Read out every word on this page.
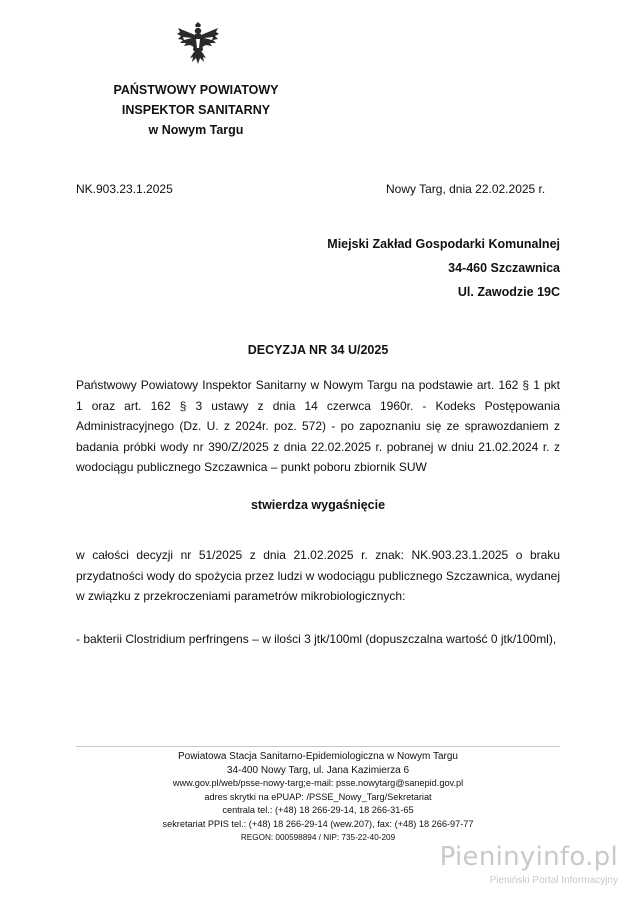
PAŃSTWOWY POWIATOWY
INSPEKTOR SANITARNY
w Nowym Targu
NK.903.23.1.2025	Nowy Targ, dnia 22.02.2025 r.
Miejski Zakład Gospodarki Komunalnej
34-460 Szczawnica
Ul. Zawodzie 19C
DECYZJA NR 34 U/2025
Państwowy Powiatowy Inspektor Sanitarny w Nowym Targu na podstawie art. 162 § 1 pkt 1 oraz art. 162 § 3 ustawy z dnia 14 czerwca 1960r. - Kodeks Postępowania Administracyjnego (Dz. U. z 2024r. poz. 572) - po zapoznaniu się ze sprawozdaniem z badania próbki wody nr 390/Z/2025 z dnia 22.02.2025 r. pobranej w dniu 21.02.2024 r. z wodociągu publicznego Szczawnica – punkt poboru zbiornik SUW
stwierdza wygaśnięcie
w całości decyzji nr 51/2025 z dnia 21.02.2025 r. znak: NK.903.23.1.2025 o braku przydatności wody do spożycia przez ludzi w wodociągu publicznego Szczawnica, wydanej w związku z przekroczeniami parametrów mikrobiologicznych:
- bakterii Clostridium perfringens – w ilości 3 jtk/100ml (dopuszczalna wartość 0 jtk/100ml),
Powiatowa Stacja Sanitarno-Epidemiologiczna w Nowym Targu
34-400 Nowy Targ, ul. Jana Kazimierza 6
www.gov.pl/web/psse-nowy-targ;e-mail: psse.nowytarg@sanepid.gov.pl
adres skrytki na ePUAP: /PSSE_Nowy_Targ/Sekretariat
centrala tel.: (+48) 18 266-29-14, 18 266-31-65
sekretariat PPIS tel.: (+48) 18 266-29-14 (wew.207), fax: (+48) 18 266-97-77
REGON: 000598894 / NIP: 735-22-40-209
Pieninyinfo.pl
Pieniński Portal Informacyjny
